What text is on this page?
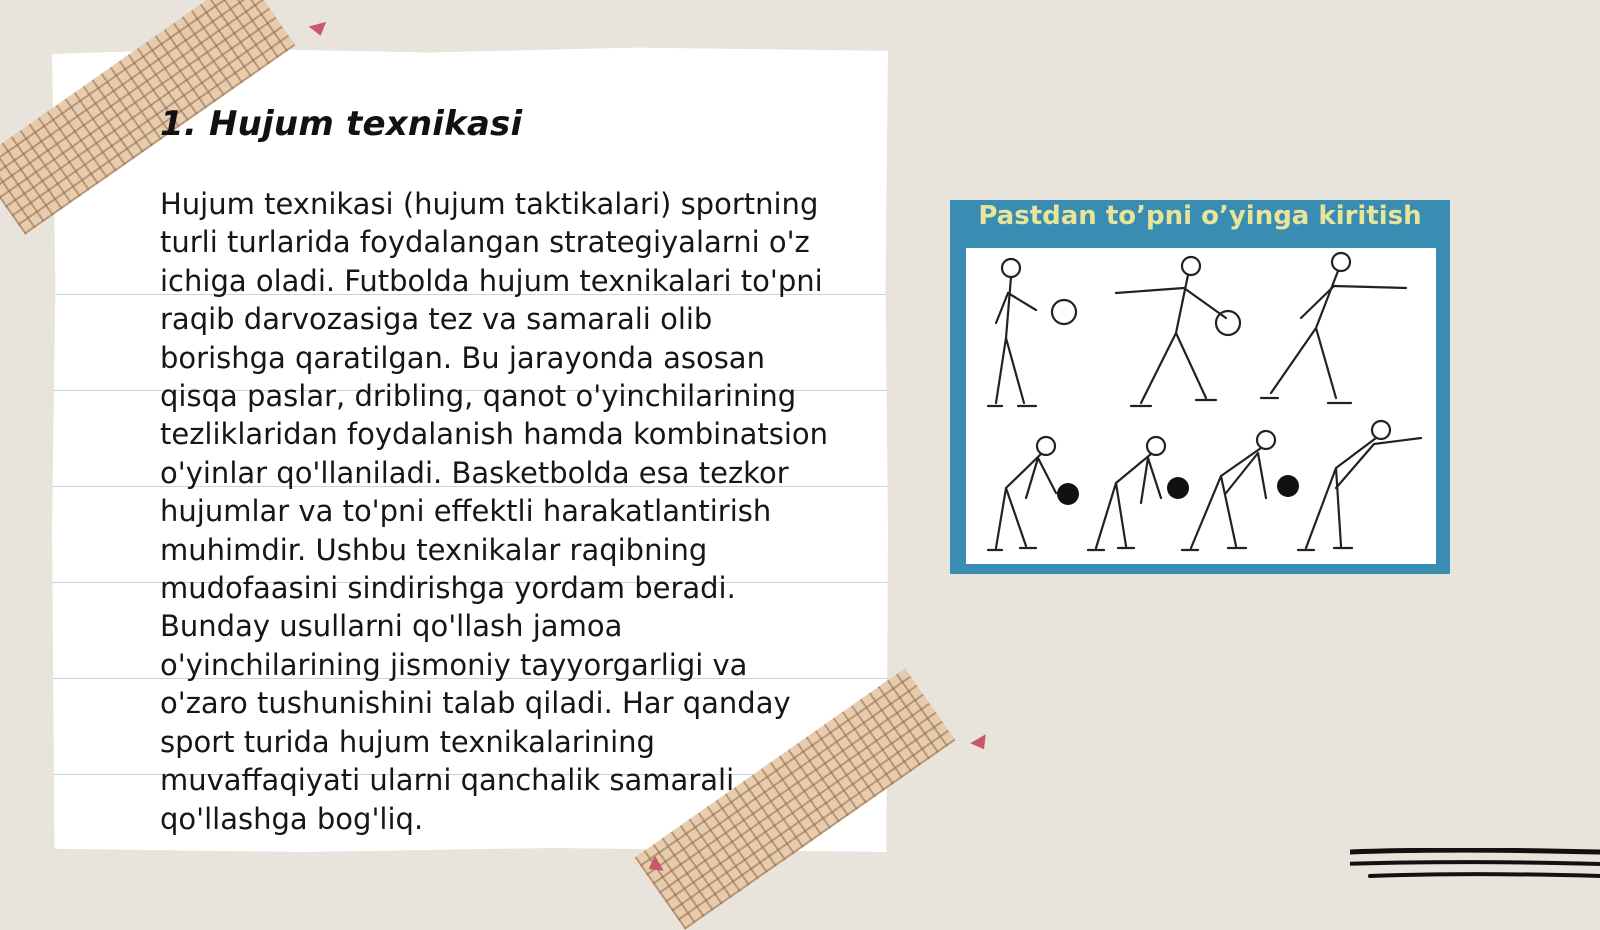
1. Hujum texnikasi

Hujum texnikasi (hujum taktikalari) sportning turli turlarida foydalangan strategiyalarni o'z ichiga oladi. Futbolda hujum texnikalari to'pni raqib darvozasiga tez va samarali olib borishga qaratilgan. Bu jarayonda asosan qisqa paslar, dribling, qanot o'yinchilarining tezliklaridan foydalanish hamda kombinatsion o'yinlar qo'llaniladi. Basketbolda esa tezkor hujumlar va to'pni effektli harakatlantirish muhimdir. Ushbu texnikalar raqibning mudofaasini sindirishga yordam beradi. Bunday usullarni qo'llash jamoa o'yinchilarining jismoniy tayyorgarligi va o'zaro tushunishini talab qiladi. Har qanday sport turida hujum texnikalarining muvaffaqiyati ularni qanchalik samarali qo'llashga bog'liq.

Pastdan to’pni o’yinga kiritish
